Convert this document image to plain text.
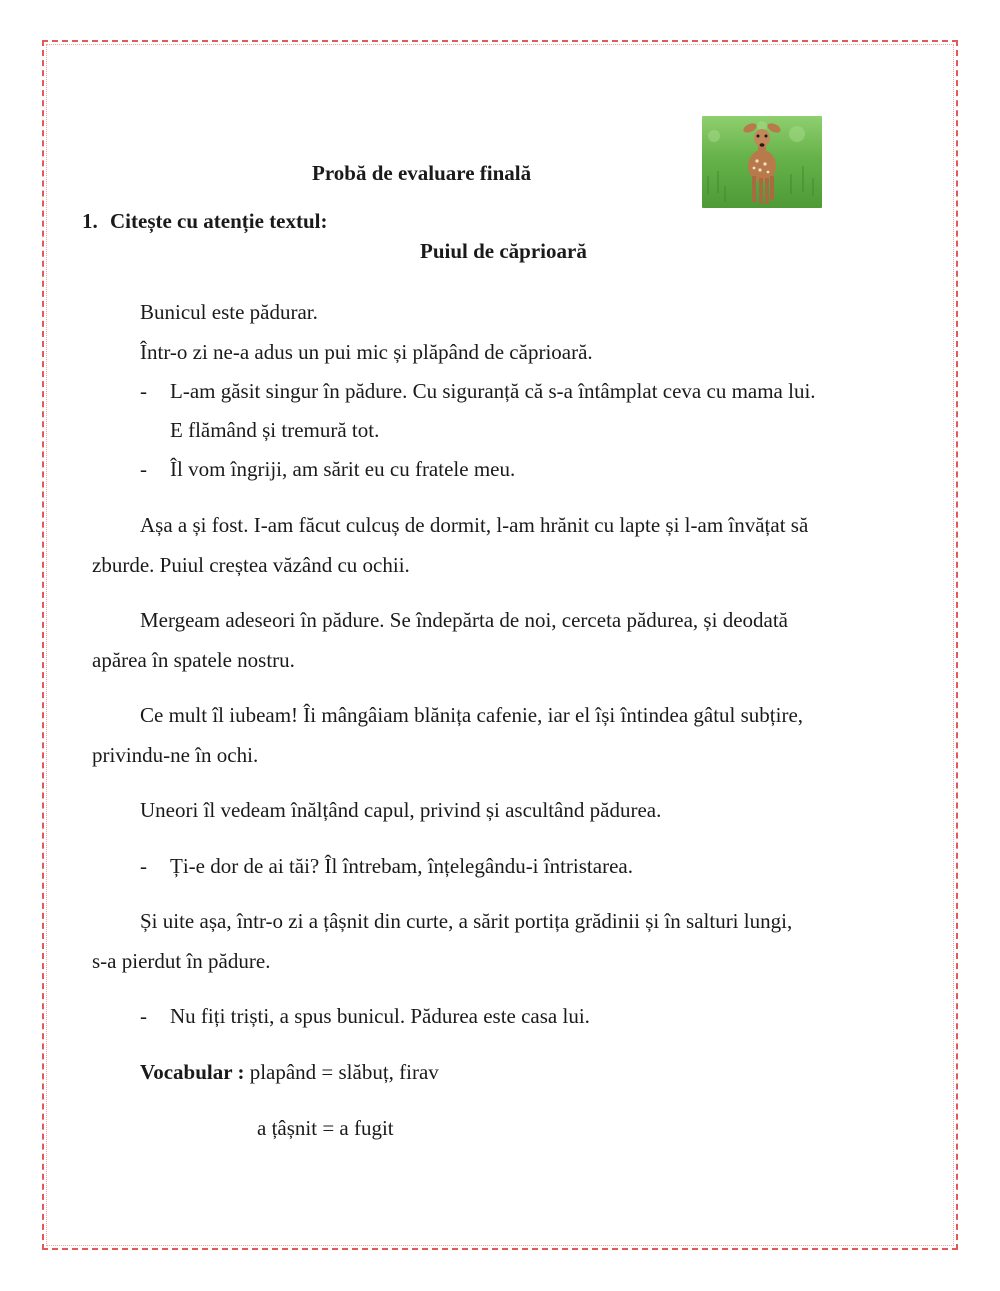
Probă de evaluare finală
1. Citește cu atenție textul:
Puiul de căprioară
Bunicul este pădurar.
Într-o zi ne-a adus un pui mic și plăpând de căprioară.
- L-am găsit singur în pădure. Cu siguranță că s-a întâmplat ceva cu mama lui.
E flămând și tremură tot.
- Îl vom îngriji, am sărit eu cu fratele meu.
Așa a și fost. I-am făcut culcuș de dormit, l-am hrănit cu lapte și l-am învățat să
zburde. Puiul creștea văzând cu ochii.
Mergeam adeseori în pădure. Se îndepărta de noi, cerceta pădurea, și deodată
apărea în spatele nostru.
Ce mult îl iubeam! Îi mângâiam blănița cafenie, iar el își întindea gâtul subțire,
privindu-ne în ochi.
Uneori îl vedeam înălțând capul, privind și ascultând pădurea.
- Ți-e dor de ai tăi? Îl întrebam, înțelegându-i întristarea.
Și uite așa, într-o zi a țâșnit din curte, a sărit portița grădinii și în salturi lungi,
s-a pierdut în pădure.
- Nu fiți triști, a spus bunicul. Pădurea este casa lui.
Vocabular : plapând = slăbuț, firav
a țâșnit = a fugit
